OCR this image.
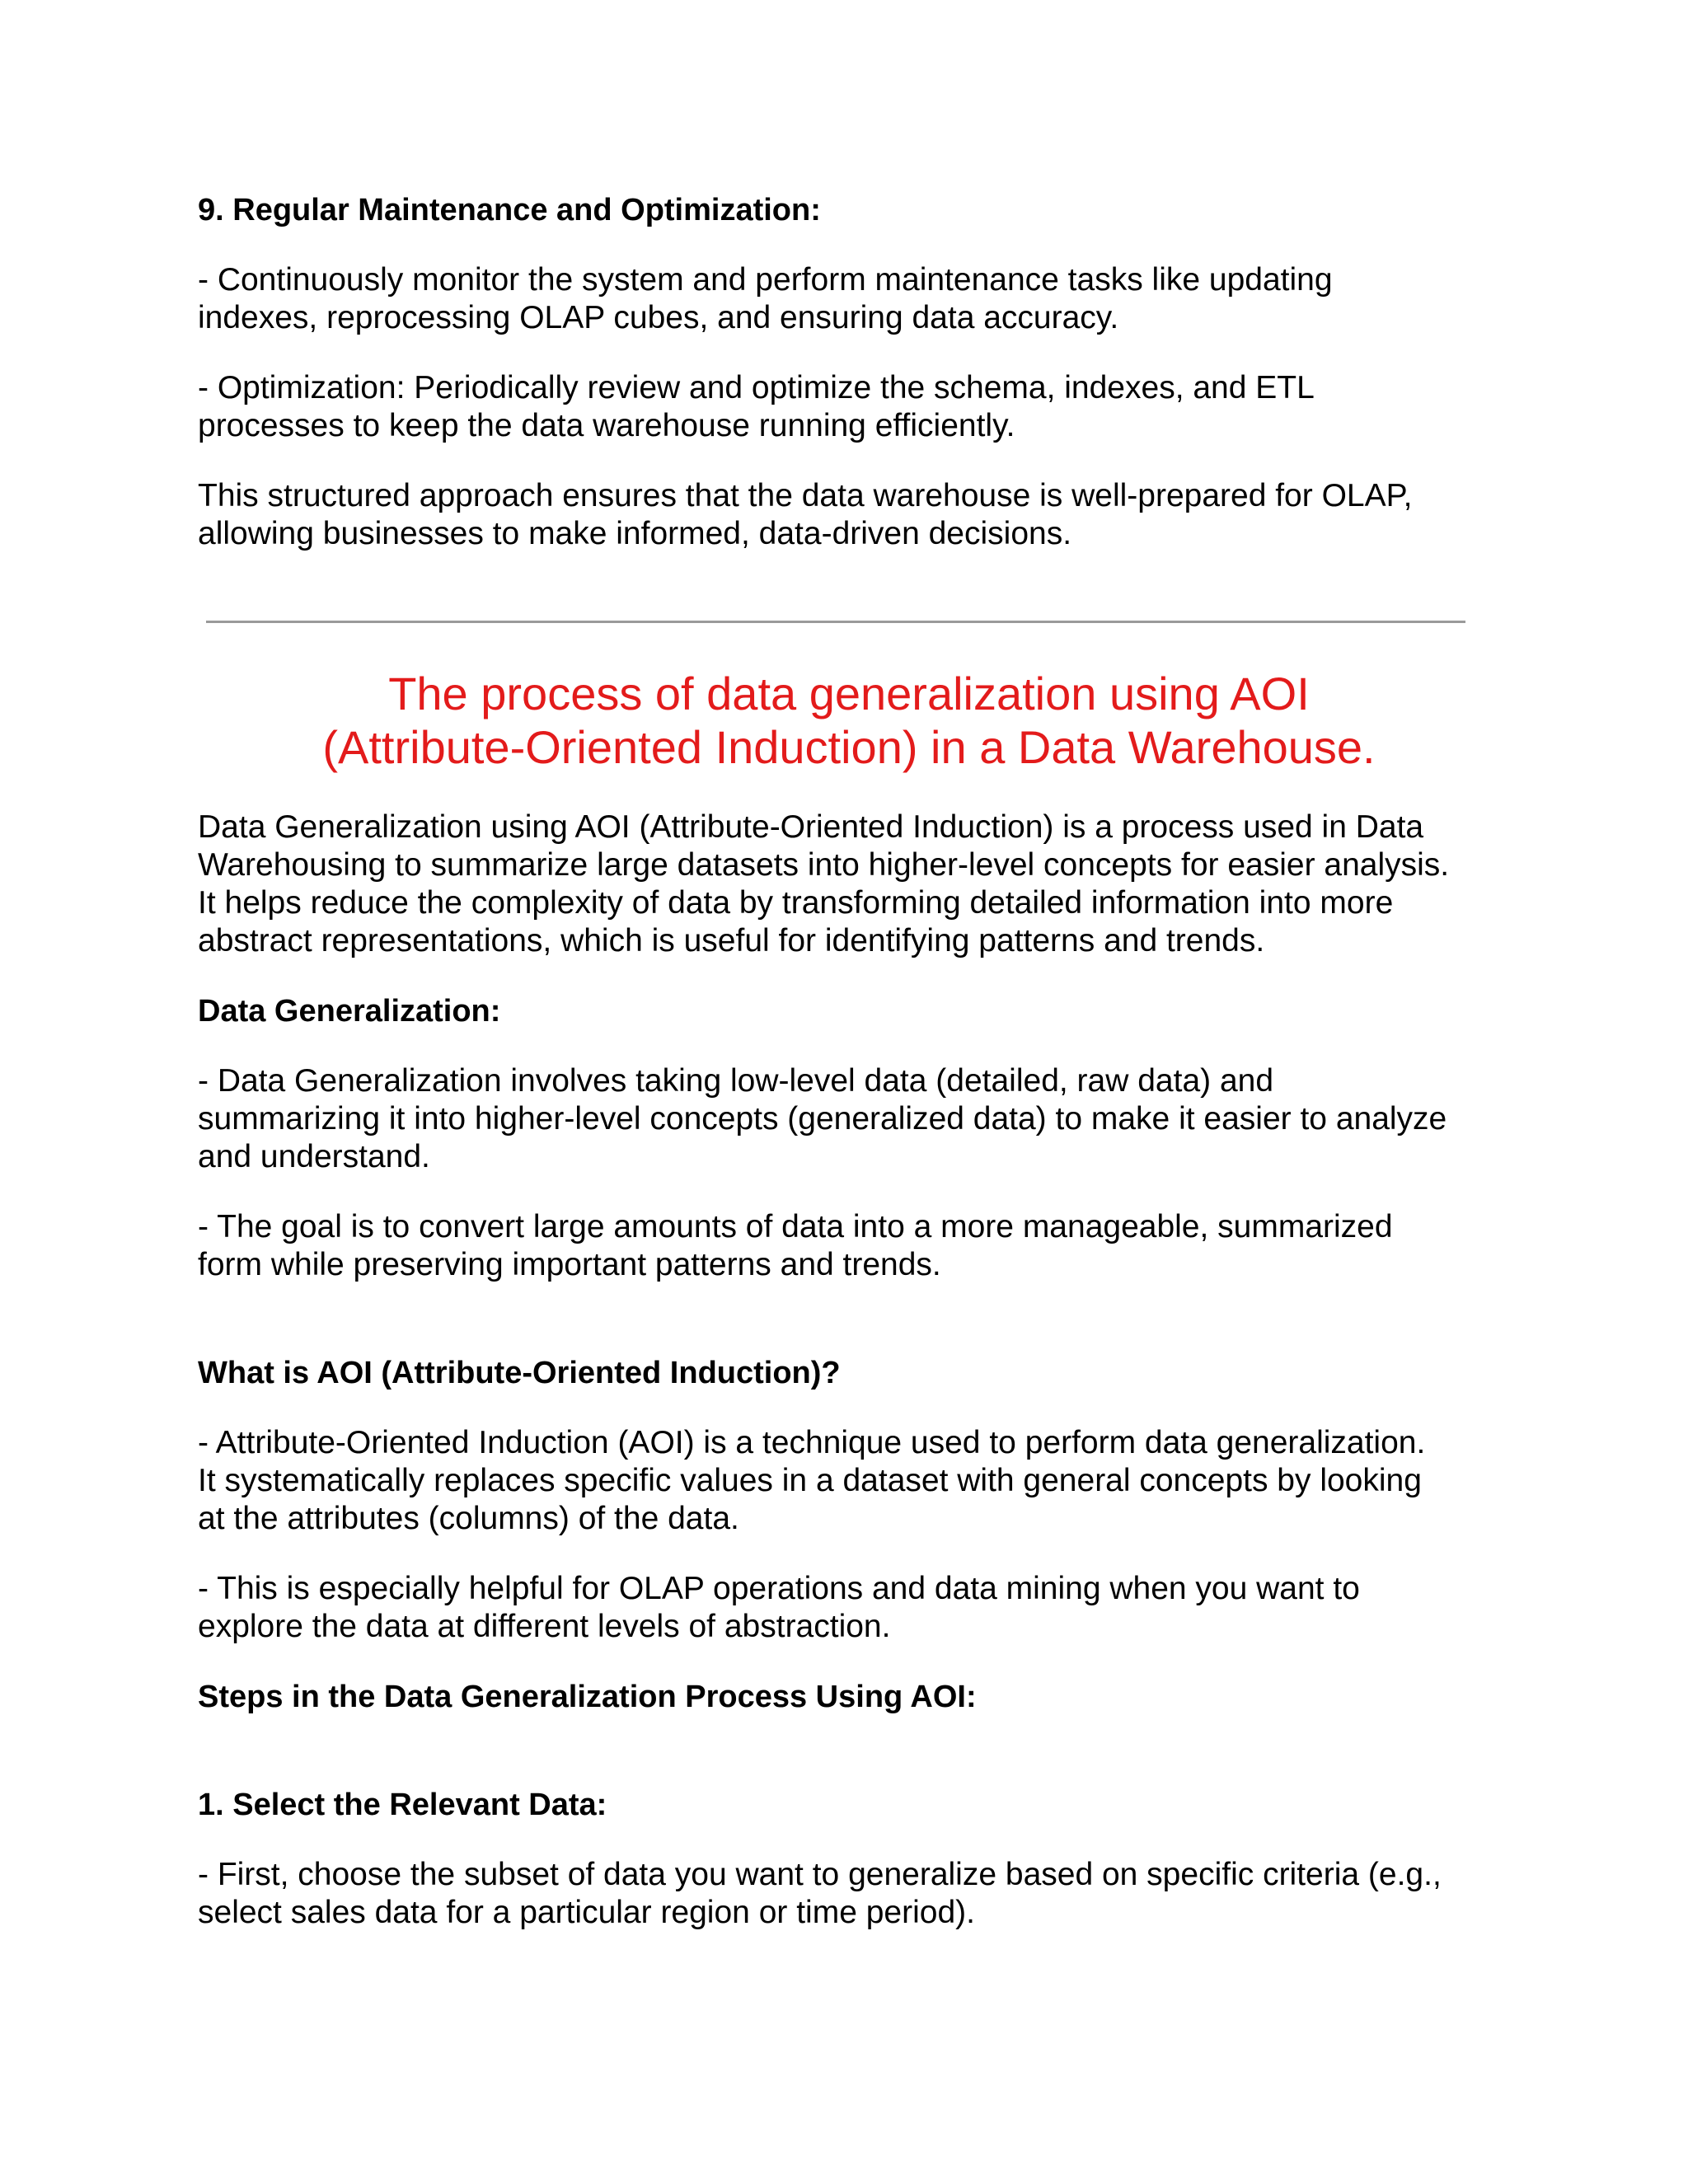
9. Regular Maintenance and Optimization:
- Continuously monitor the system and perform maintenance tasks like updating
indexes, reprocessing OLAP cubes, and ensuring data accuracy.
- Optimization: Periodically review and optimize the schema, indexes, and ETL
processes to keep the data warehouse running efficiently.
This structured approach ensures that the data warehouse is well-prepared for OLAP,
allowing businesses to make informed, data-driven decisions.
The process of data generalization using AOI
(Attribute-Oriented Induction) in a Data Warehouse.
Data Generalization using AOI (Attribute-Oriented Induction) is a process used in Data
Warehousing to summarize large datasets into higher-level concepts for easier analysis.
It helps reduce the complexity of data by transforming detailed information into more
abstract representations, which is useful for identifying patterns and trends.
Data Generalization:
- Data Generalization involves taking low-level data (detailed, raw data) and
summarizing it into higher-level concepts (generalized data) to make it easier to analyze
and understand.
- The goal is to convert large amounts of data into a more manageable, summarized
form while preserving important patterns and trends.
What is AOI (Attribute-Oriented Induction)?
- Attribute-Oriented Induction (AOI) is a technique used to perform data generalization.
It systematically replaces specific values in a dataset with general concepts by looking
at the attributes (columns) of the data.
- This is especially helpful for OLAP operations and data mining when you want to
explore the data at different levels of abstraction.
Steps in the Data Generalization Process Using AOI:
1. Select the Relevant Data:
- First, choose the subset of data you want to generalize based on specific criteria (e.g.,
select sales data for a particular region or time period).
